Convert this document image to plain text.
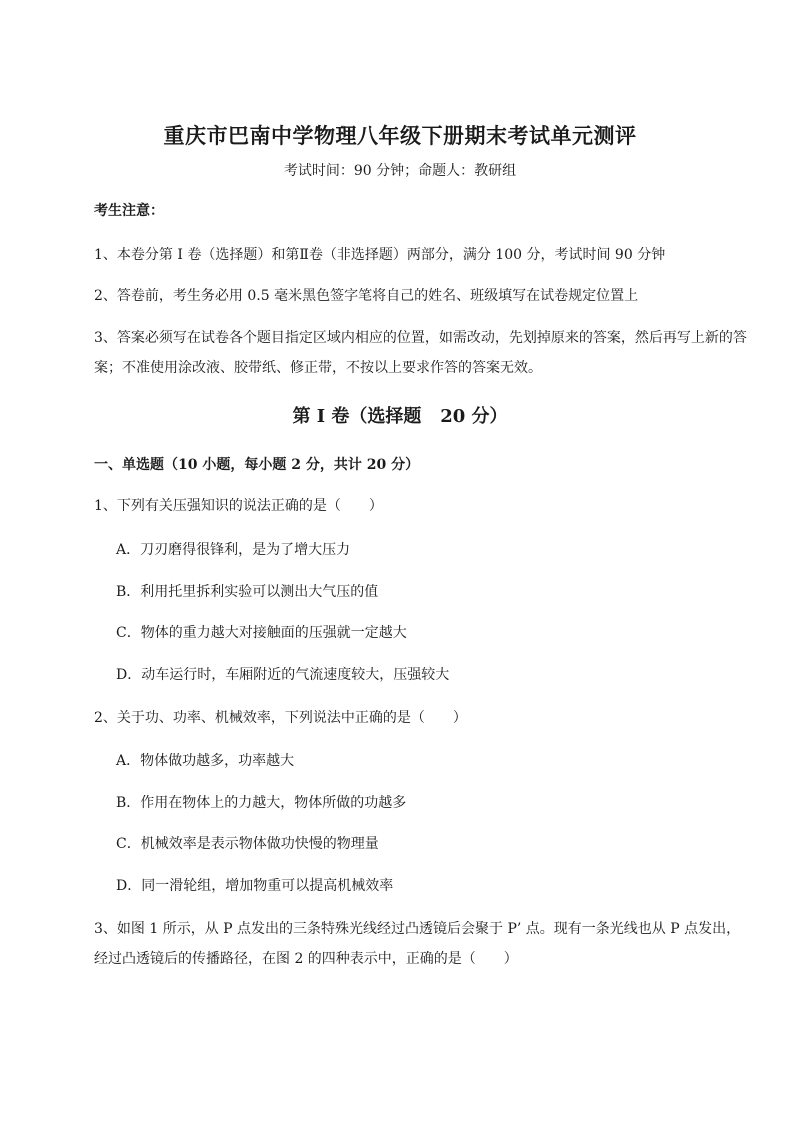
重庆市巴南中学物理八年级下册期末考试单元测评
考试时间：90 分钟；命题人：教研组
考生注意：
1、本卷分第 I 卷（选择题）和第Ⅱ卷（非选择题）两部分，满分 100 分，考试时间 90 分钟
2、答卷前，考生务必用 0.5 毫米黑色签字笔将自己的姓名、班级填写在试卷规定位置上
3、答案必须写在试卷各个题目指定区域内相应的位置，如需改动，先划掉原来的答案，然后再写上新的答案；不准使用涂改液、胶带纸、修正带，不按以上要求作答的答案无效。
第 I 卷（选择题   20 分）
一、单选题（10 小题，每小题 2 分，共计 20 分）
1、下列有关压强知识的说法正确的是（　　）
A．刀刃磨得很锋利，是为了增大压力
B．利用托里拆利实验可以测出大气压的值
C．物体的重力越大对接触面的压强就一定越大
D．动车运行时，车厢附近的气流速度较大，压强较大
2、关于功、功率、机械效率，下列说法中正确的是（　　）
A．物体做功越多，功率越大
B．作用在物体上的力越大，物体所做的功越多
C．机械效率是表示物体做功快慢的物理量
D．同一滑轮组，增加物重可以提高机械效率
3、如图 1 所示，从 P 点发出的三条特殊光线经过凸透镜后会聚于 P’ 点。现有一条光线也从 P 点发出，经过凸透镜后的传播路径，在图 2 的四种表示中，正确的是（　　）
